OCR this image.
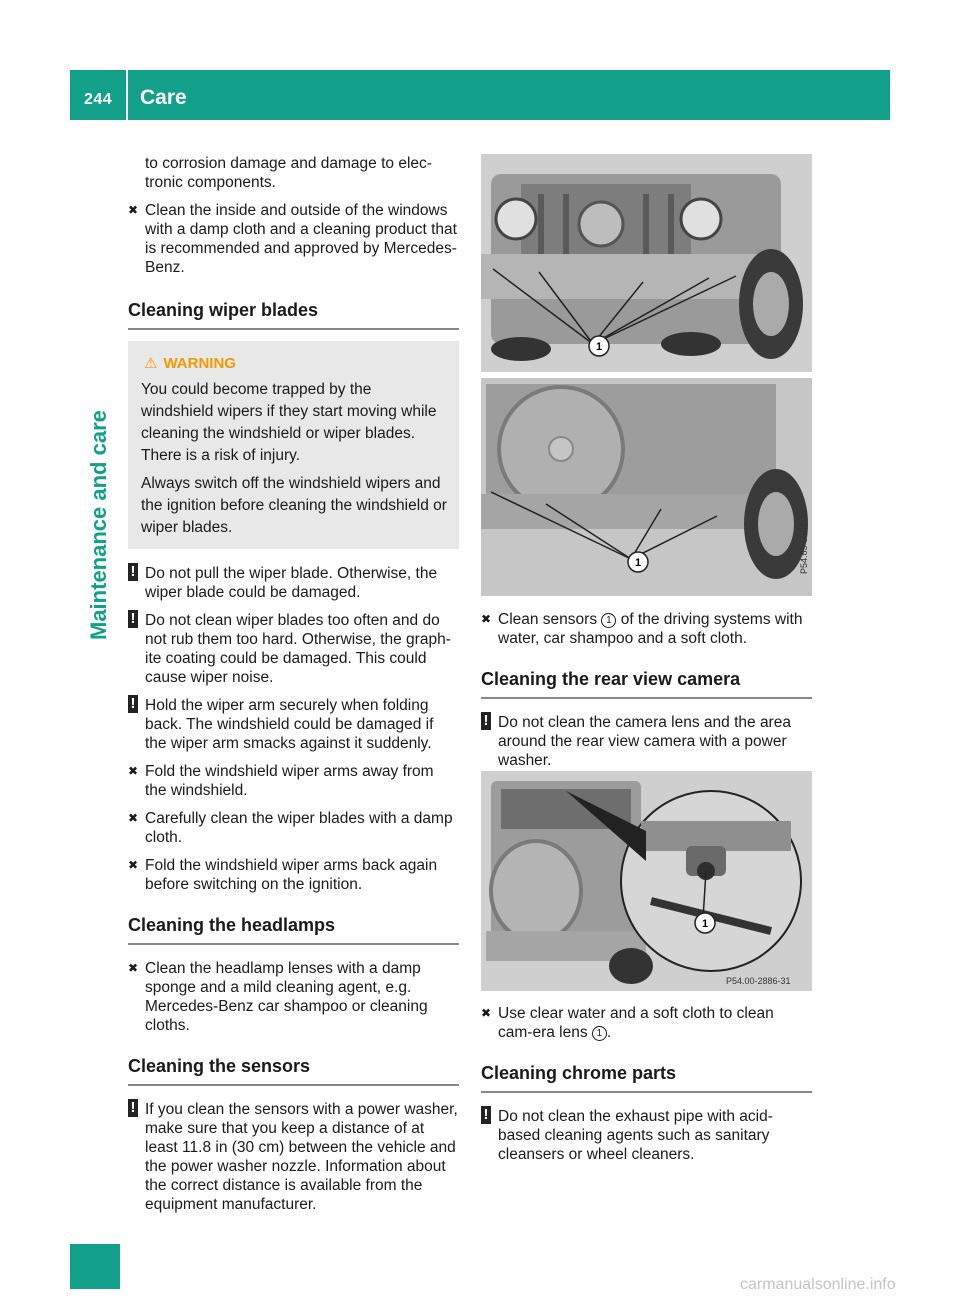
244 Care
Maintenance and care

to corrosion damage and damage to elec-tronic components.

✖ Clean the inside and outside of the windows with a damp cloth and a cleaning product that is recommended and approved by Mercedes-Benz.
Cleaning wiper blades
⚠ WARNING

You could become trapped by the windshield wipers if they start moving while cleaning the windshield or wiper blades. There is a risk of injury.

Always switch off the windshield wipers and the ignition before cleaning the windshield or wiper blades.

! Do not pull the wiper blade. Otherwise, the wiper blade could be damaged.
! Do not clean wiper blades too often and do not rub them too hard. Otherwise, the graph-ite coating could be damaged. This could cause wiper noise.
! Hold the wiper arm securely when folding back. The windshield could be damaged if the wiper arm smacks against it suddenly.
✖ Fold the windshield wiper arms away from the windshield.
✖ Carefully clean the wiper blades with a damp cloth.
✖ Fold the windshield wiper arms back again before switching on the ignition.
Cleaning the headlamps
✖ Clean the headlamp lenses with a damp sponge and a mild cleaning agent, e.g. Mercedes-Benz car shampoo or cleaning cloths.
Cleaning the sensors
! If you clean the sensors with a power washer, make sure that you keep a distance of at least 11.8 in (30 cm) between the vehicle and the power washer nozzle. Information about the correct distance is available from the equipment manufacturer.
1
1	P54.65-5584-31
✖ Clean sensors 1 of the driving systems with water, car shampoo and a soft cloth.
Cleaning the rear view camera
! Do not clean the camera lens and the area around the rear view camera with a power washer.
1
P54.00-2886-31
✖ Use clear water and a soft cloth to clean cam-era lens 1 .
Cleaning chrome parts
! Do not clean the exhaust pipe with acid-based cleaning agents such as sanitary cleansers or wheel cleaners.
carmanualsonline.info
